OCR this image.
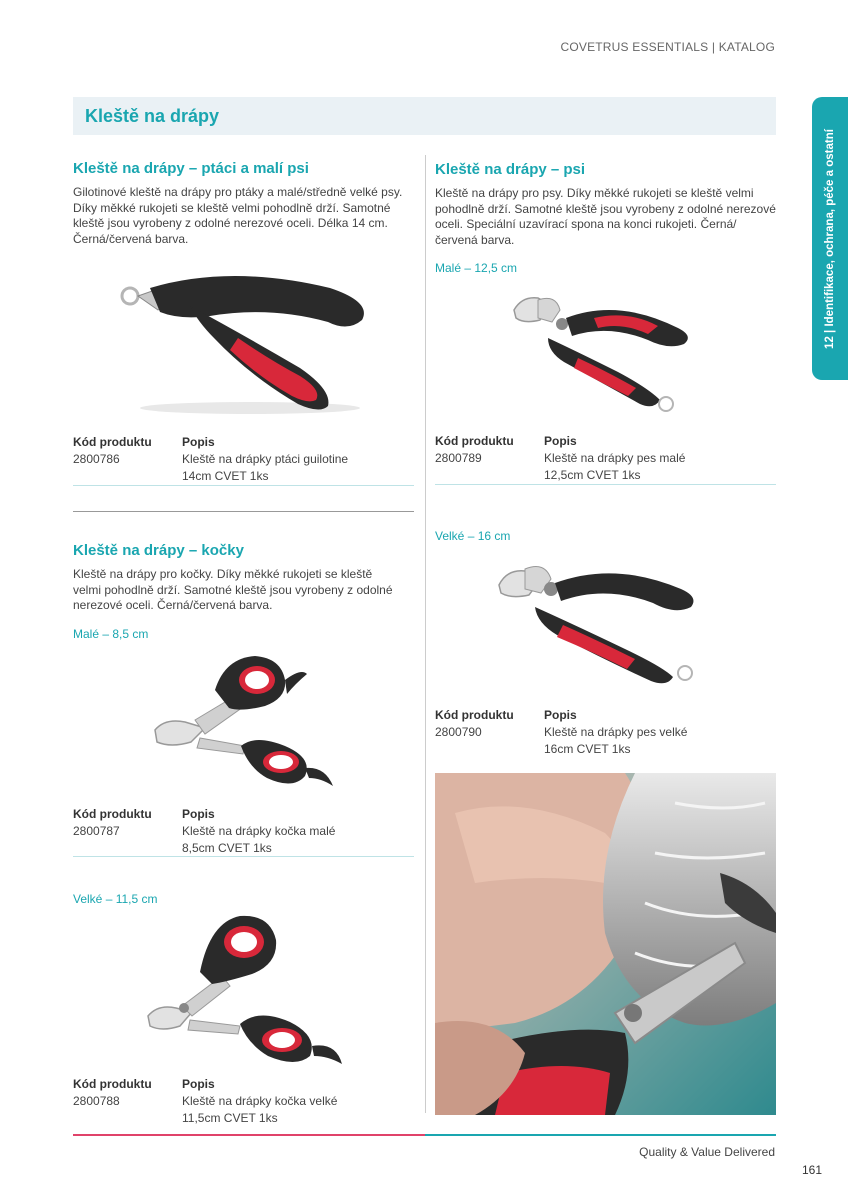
COVETRUS ESSENTIALS | KATALOG
Kleště na drápy
12 | Identifikace, ochrana, péče a ostatní
Kleště na drápy – ptáci a malí psi
Gilotinové kleště na drápy pro ptáky a malé/středně velké psy. Díky měkké rukojeti se kleště velmi pohodlně drží. Samotné kleště jsou vyrobeny z odolné nerezové oceli. Délka 14 cm. Černá/červená barva.
Kód produktu	Popis
2800786	Kleště na drápky ptáci guilotine
14cm CVET 1ks
Kleště na drápy – kočky
Kleště na drápy pro kočky. Díky měkké rukojeti se kleště velmi pohodlně drží. Samotné kleště jsou vyrobeny z odolné nerezové oceli. Černá/červená barva.
Malé – 8,5 cm
Kód produktu	Popis
2800787	Kleště na drápky kočka malé
8,5cm CVET 1ks
Velké – 11,5 cm
Kód produktu	Popis
2800788	Kleště na drápky kočka velké
11,5cm CVET 1ks
Kleště na drápy – psi
Kleště na drápy pro psy. Díky měkké rukojeti se kleště velmi pohodlně drží. Samotné kleště jsou vyrobeny z odolné nerezové oceli. Speciální uzavírací spona na konci rukojeti. Černá/červená barva.
Malé – 12,5 cm
Kód produktu	Popis
2800789	Kleště na drápky pes malé
12,5cm CVET 1ks
Velké – 16 cm
Kód produktu	Popis
2800790	Kleště na drápky pes velké
16cm CVET 1ks
Quality & Value Delivered
161
